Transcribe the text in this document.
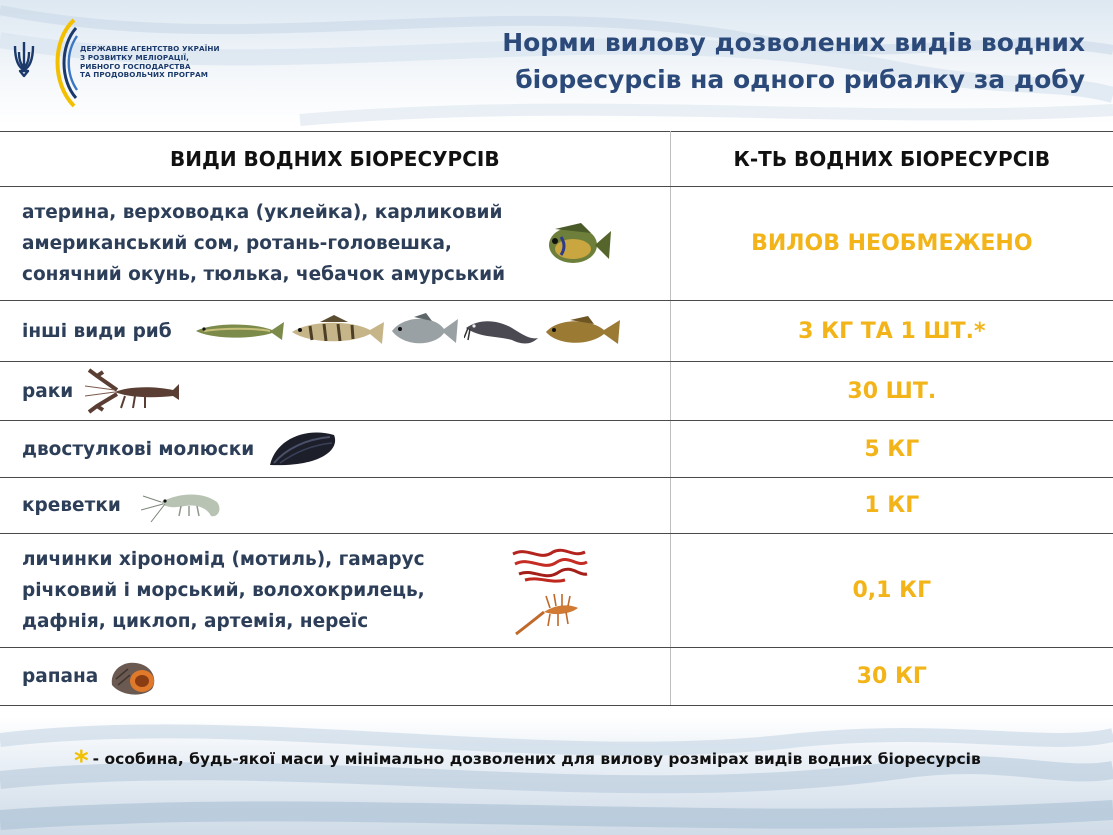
ДЕРЖАВНЕ АГЕНТСТВО УКРАЇНИ
З РОЗВИТКУ МЕЛІОРАЦІЇ,
РИБНОГО ГОСПОДАРСТВА
ТА ПРОДОВОЛЬЧИХ ПРОГРАМ
Норми вилову дозволених видів водних
біоресурсів на одного рибалку за добу
ВИДИ ВОДНИХ БІОРЕСУРСІВ	К-ТЬ ВОДНИХ БІОРЕСУРСІВ

атерина, верховодка (уклейка), карликовий
американський сом, ротань-головешка,
сонячний окунь, тюлька, чебачок амурський	ВИЛОВ НЕОБМЕЖЕНО

інші види риб	3 КГ ТА 1 ШТ.*

раки	30 ШТ.

двостулкові молюски	5 КГ

креветки	1 КГ

личинки хірономід (мотиль), гамарус
річковий і морський, волохокрилець,
дафнія, циклоп, артемія, нереїс	0,1 КГ

рапана	30 КГ
* - особина, будь-якої маси у мінімально дозволених для вилову розмірах видів водних біоресурсів
